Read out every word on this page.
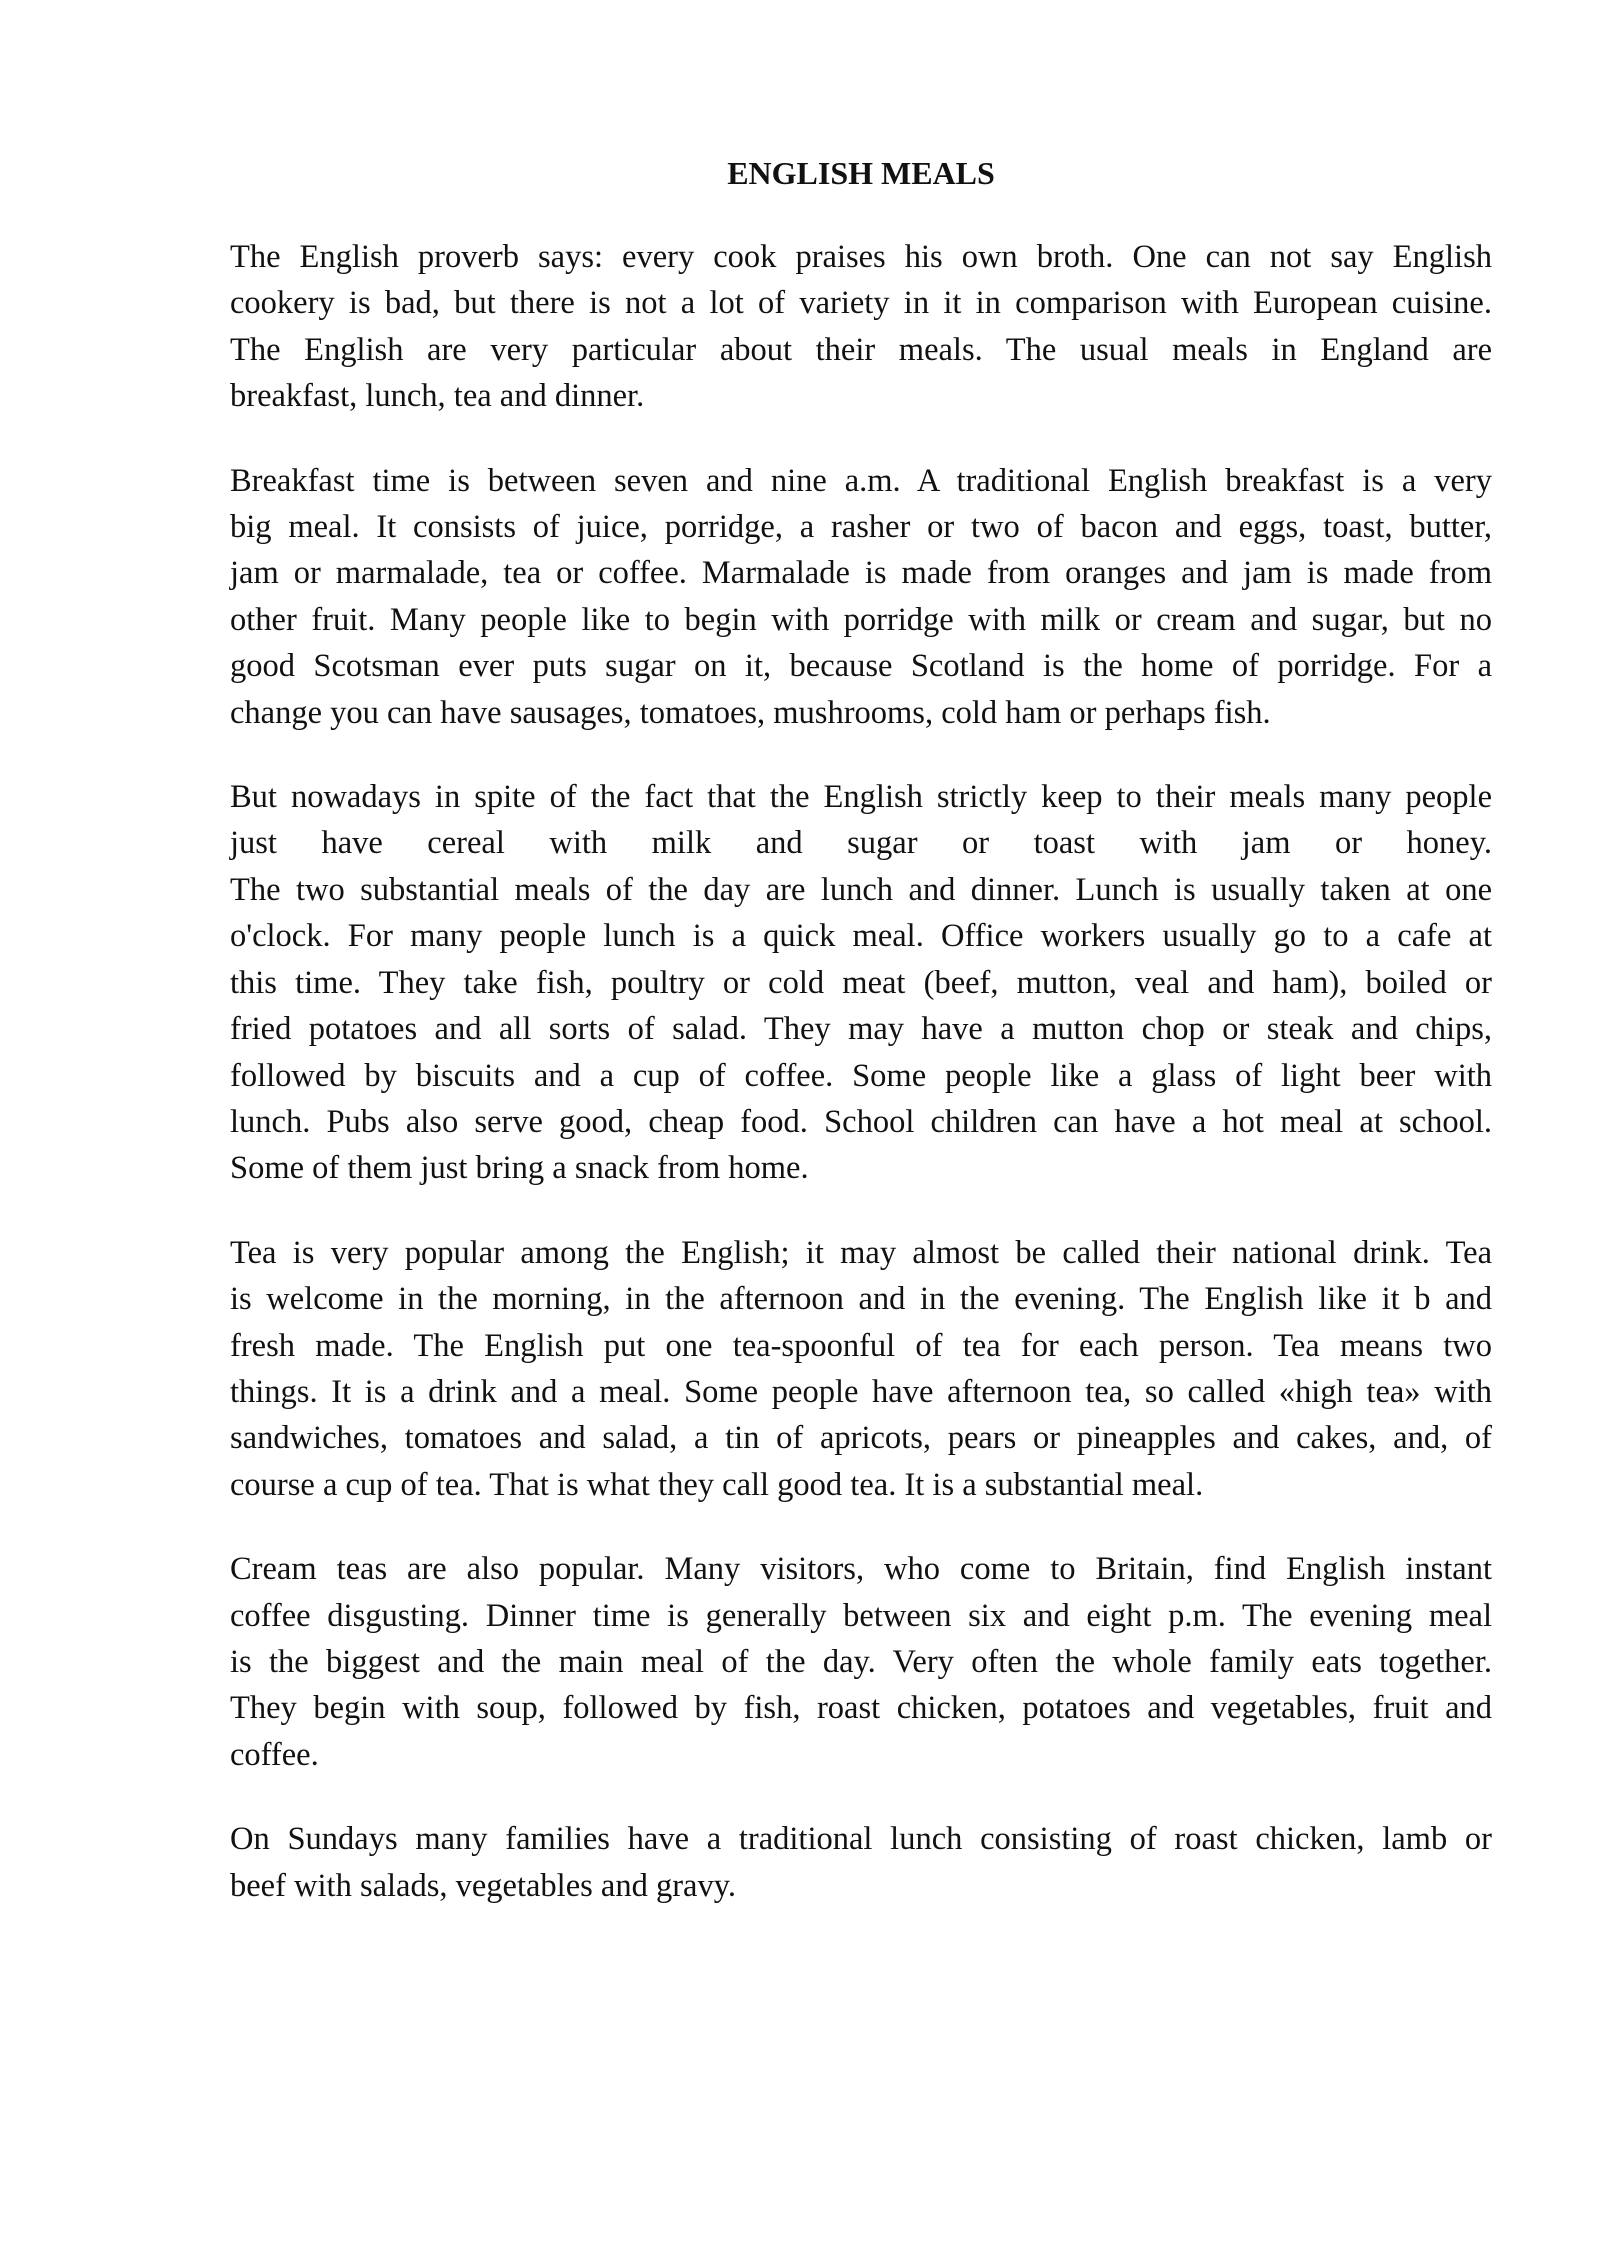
ENGLISH MEALS
The English proverb says: every cook praises his own broth. One can not say English
cookery is bad, but there is not a lot of variety in it in comparison with European cuisine.
The English are very particular about their meals. The usual meals in England are
breakfast, lunch, tea and dinner.
Breakfast time is between seven and nine a.m. A traditional English breakfast is a very
big meal. It consists of juice, porridge, a rasher or two of bacon and eggs, toast, butter,
jam or marmalade, tea or coffee. Marmalade is made from oranges and jam is made from
other fruit. Many people like to begin with porridge with milk or cream and sugar, but no
good Scotsman ever puts sugar on it, because Scotland is the home of porridge. For a
change you can have sausages, tomatoes, mushrooms, cold ham or perhaps fish.
But nowadays in spite of the fact that the English strictly keep to their meals many people
just have cereal with milk and sugar or toast with jam or honey.
The two substantial meals of the day are lunch and dinner. Lunch is usually taken at one
o'clock. For many people lunch is a quick meal. Office workers usually go to a cafe at
this time. They take fish, poultry or cold meat (beef, mutton, veal and ham), boiled or
fried potatoes and all sorts of salad. They may have a mutton chop or steak and chips,
followed by biscuits and a cup of coffee. Some people like a glass of light beer with
lunch. Pubs also serve good, cheap food. School children can have a hot meal at school.
Some of them just bring a snack from home.
Tea is very popular among the English; it may almost be called their national drink. Tea
is welcome in the morning, in the afternoon and in the evening. The English like it b and
fresh made. The English put one tea-spoonful of tea for each person. Tea means two
things. It is a drink and a meal. Some people have afternoon tea, so called «high tea» with
sandwiches, tomatoes and salad, a tin of apricots, pears or pineapples and cakes, and, of
course a cup of tea. That is what they call good tea. It is a substantial meal.
Cream teas are also popular. Many visitors, who come to Britain, find English instant
coffee disgusting. Dinner time is generally between six and eight p.m. The evening meal
is the biggest and the main meal of the day. Very often the whole family eats together.
They begin with soup, followed by fish, roast chicken, potatoes and vegetables, fruit and
coffee.
On Sundays many families have a traditional lunch consisting of roast chicken, lamb or
beef with salads, vegetables and gravy.
